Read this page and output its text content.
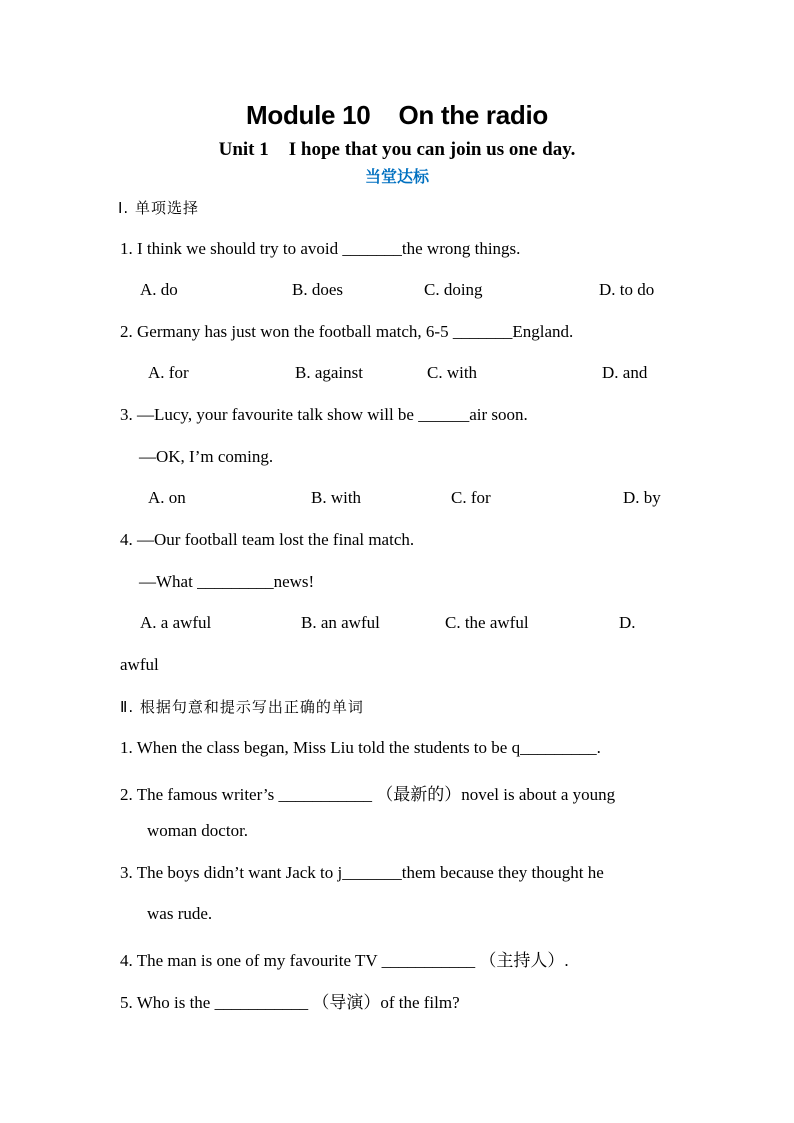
Module 10 On the radio
Unit 1 I hope that you can join us one day.
当堂达标
Ⅰ. 单项选择
1. I think we should try to avoid _______the wrong things.
A. do	B. does	C. doing	D. to do
2. Germany has just won the football match, 6-5 _______England.
A. for	B. against	C. with	D. and
3. —Lucy, your favourite talk show will be ______air soon.
—OK, I’m coming.
A. on	B. with	C. for	D. by
4. —Our football team lost the final match.
—What _________news!
A. a awful	B. an awful	C. the awful	D.
awful
Ⅱ. 根据句意和提示写出正确的单词
1. When the class began, Miss Liu told the students to be q_________.
2. The famous writer’s ___________ （最新的）novel is about a young
woman doctor.
3. The boys didn’t want Jack to j_______them because they thought he
was rude.
4. The man is one of my favourite TV ___________ （主持人）.
5. Who is the ___________ （导演）of the film?
